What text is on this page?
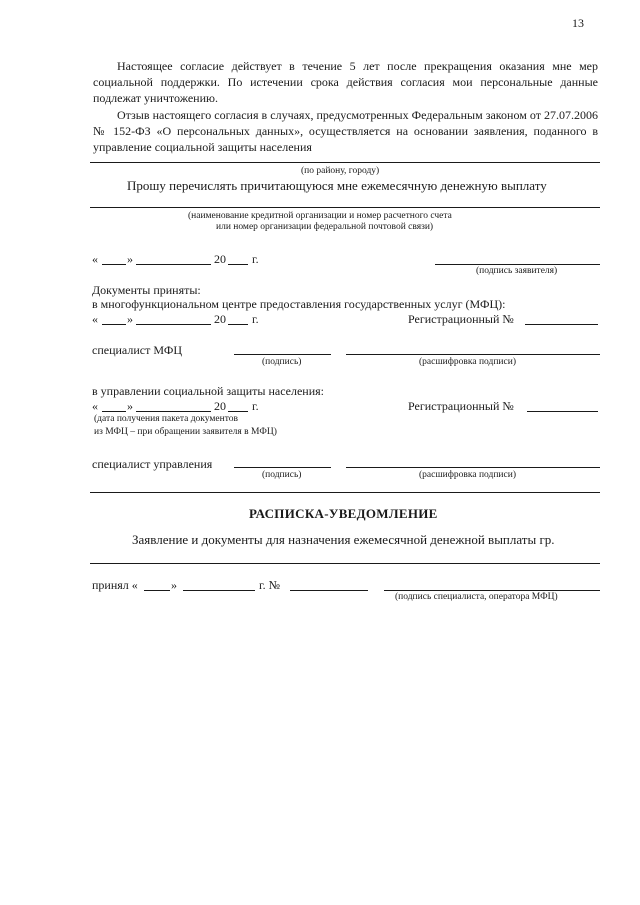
13
Настоящее согласие действует в течение 5 лет после прекращения оказания мне мер социальной поддержки. По истечении срока действия согласия мои персональные данные подлежат уничтожению.
Отзыв настоящего согласия в случаях, предусмотренных Федеральным законом от 27.07.2006 № 152-ФЗ «О персональных данных», осуществляется на основании заявления, поданного в управление социальной защиты населения
(по району, городу)
Прошу перечислять причитающуюся мне ежемесячную денежную выплату
(наименование кредитной организации и номер расчетного счета
или номер организации федеральной почтовой связи)
« »	20 г.
(подпись заявителя)
Документы приняты:
в многофункциональном центре предоставления государственных услуг (МФЦ):
« »	20 г.	Регистрационный №
специалист МФЦ
(подпись)	(расшифровка подписи)
в управлении социальной защиты населения:
« »	20 г.	Регистрационный №
(дата получения пакета документов
из МФЦ – при обращении заявителя в МФЦ)
специалист управления
(подпись)	(расшифровка подписи)
РАСПИСКА-УВЕДОМЛЕНИЕ
Заявление и документы для назначения ежемесячной денежной выплаты гр.
принял «	»	г. №
(подпись специалиста, оператора МФЦ)
